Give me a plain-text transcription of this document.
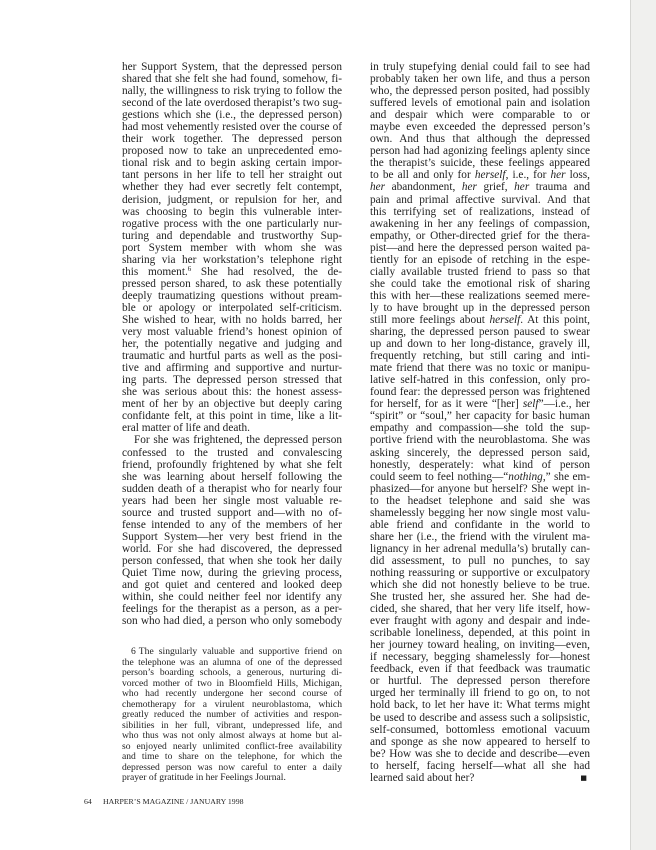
her Support System, that the depressed person
shared that she felt she had found, somehow, fi-
nally, the willingness to risk trying to follow the
second of the late overdosed therapist’s two sug-
gestions which she (i.e., the depressed person)
had most vehemently resisted over the course of
their work together. The depressed person
proposed now to take an unprecedented emo-
tional risk and to begin asking certain impor-
tant persons in her life to tell her straight out
whether they had ever secretly felt contempt,
derision, judgment, or repulsion for her, and
was choosing to begin this vulnerable inter-
rogative process with the one particularly nur-
turing and dependable and trustworthy Sup-
port System member with whom she was
sharing via her workstation’s telephone right
this moment.$^6$ She had resolved, the de-
pressed person shared, to ask these potentially
deeply traumatizing questions without pream-
ble or apology or interpolated self-criticism.
She wished to hear, with no holds barred, her
very most valuable friend’s honest opinion of
her, the potentially negative and judging and
traumatic and hurtful parts as well as the posi-
tive and affirming and supportive and nurtur-
ing parts. The depressed person stressed that
she was serious about this: the honest assess-
ment of her by an objective but deeply caring
confidante felt, at this point in time, like a lit-
eral matter of life and death.
For she was frightened, the depressed person
confessed to the trusted and convalescing
friend, profoundly frightened by what she felt
she was learning about herself following the
sudden death of a therapist who for nearly four
years had been her single most valuable re-
source and trusted support and—with no of-
fense intended to any of the members of her
Support System—her very best friend in the
world. For she had discovered, the depressed
person confessed, that when she took her daily
Quiet Time now, during the grieving process,
and got quiet and centered and looked deep
within, she could neither feel nor identify any
feelings for the therapist as a person, as a per-
son who had died, a person who only somebody
in truly stupefying denial could fail to see had
probably taken her own life, and thus a person
who, the depressed person posited, had possibly
suffered levels of emotional pain and isolation
and despair which were comparable to or
maybe even exceeded the depressed person’s
own. And thus that although the depressed
person had had agonizing feelings aplenty since
the therapist’s suicide, these feelings appeared
to be all and only for herself, i.e., for her loss,
her abandonment, her grief, her trauma and
pain and primal affective survival. And that
this terrifying set of realizations, instead of
awakening in her any feelings of compassion,
empathy, or Other-directed grief for the thera-
pist—and here the depressed person waited pa-
tiently for an episode of retching in the espe-
cially available trusted friend to pass so that
she could take the emotional risk of sharing
this with her—these realizations seemed mere-
ly to have brought up in the depressed person
still more feelings about herself. At this point,
sharing, the depressed person paused to swear
up and down to her long-distance, gravely ill,
frequently retching, but still caring and inti-
mate friend that there was no toxic or manipu-
lative self-hatred in this confession, only pro-
found fear: the depressed person was frightened
for herself, for as it were “[her] self”—i.e., her
“spirit” or “soul,” her capacity for basic human
empathy and compassion—she told the sup-
portive friend with the neuroblastoma. She was
asking sincerely, the depressed person said,
honestly, desperately: what kind of person
could seem to feel nothing—“nothing,” she em-
phasized—for anyone but herself? She wept in-
to the headset telephone and said she was
shamelessly begging her now single most valu-
able friend and confidante in the world to
share her (i.e., the friend with the virulent ma-
lignancy in her adrenal medulla’s) brutally can-
did assessment, to pull no punches, to say
nothing reassuring or supportive or exculpatory
which she did not honestly believe to be true.
She trusted her, she assured her. She had de-
cided, she shared, that her very life itself, how-
ever fraught with agony and despair and inde-
scribable loneliness, depended, at this point in
her journey toward healing, on inviting—even,
if necessary, begging shamelessly for—honest
feedback, even if that feedback was traumatic
or hurtful. The depressed person therefore
urged her terminally ill friend to go on, to not
hold back, to let her have it: What terms might
be used to describe and assess such a solipsistic,
self-consumed, bottomless emotional vacuum
and sponge as she now appeared to herself to
be? How was she to decide and describe—even
to herself, facing herself—what all she had
learned said about her?	■
6 The singularly valuable and supportive friend on
the telephone was an alumna of one of the depressed
person’s boarding schools, a generous, nurturing di-
vorced mother of two in Bloomfield Hills, Michigan,
who had recently undergone her second course of
chemotherapy for a virulent neuroblastoma, which
greatly reduced the number of activities and respon-
sibilities in her full, vibrant, undepressed life, and
who thus was not only almost always at home but al-
so enjoyed nearly unlimited conflict-free availability
and time to share on the telephone, for which the
depressed person was now careful to enter a daily
prayer of gratitude in her Feelings Journal.
64 HARPER’S MAGAZINE / JANUARY 1998
